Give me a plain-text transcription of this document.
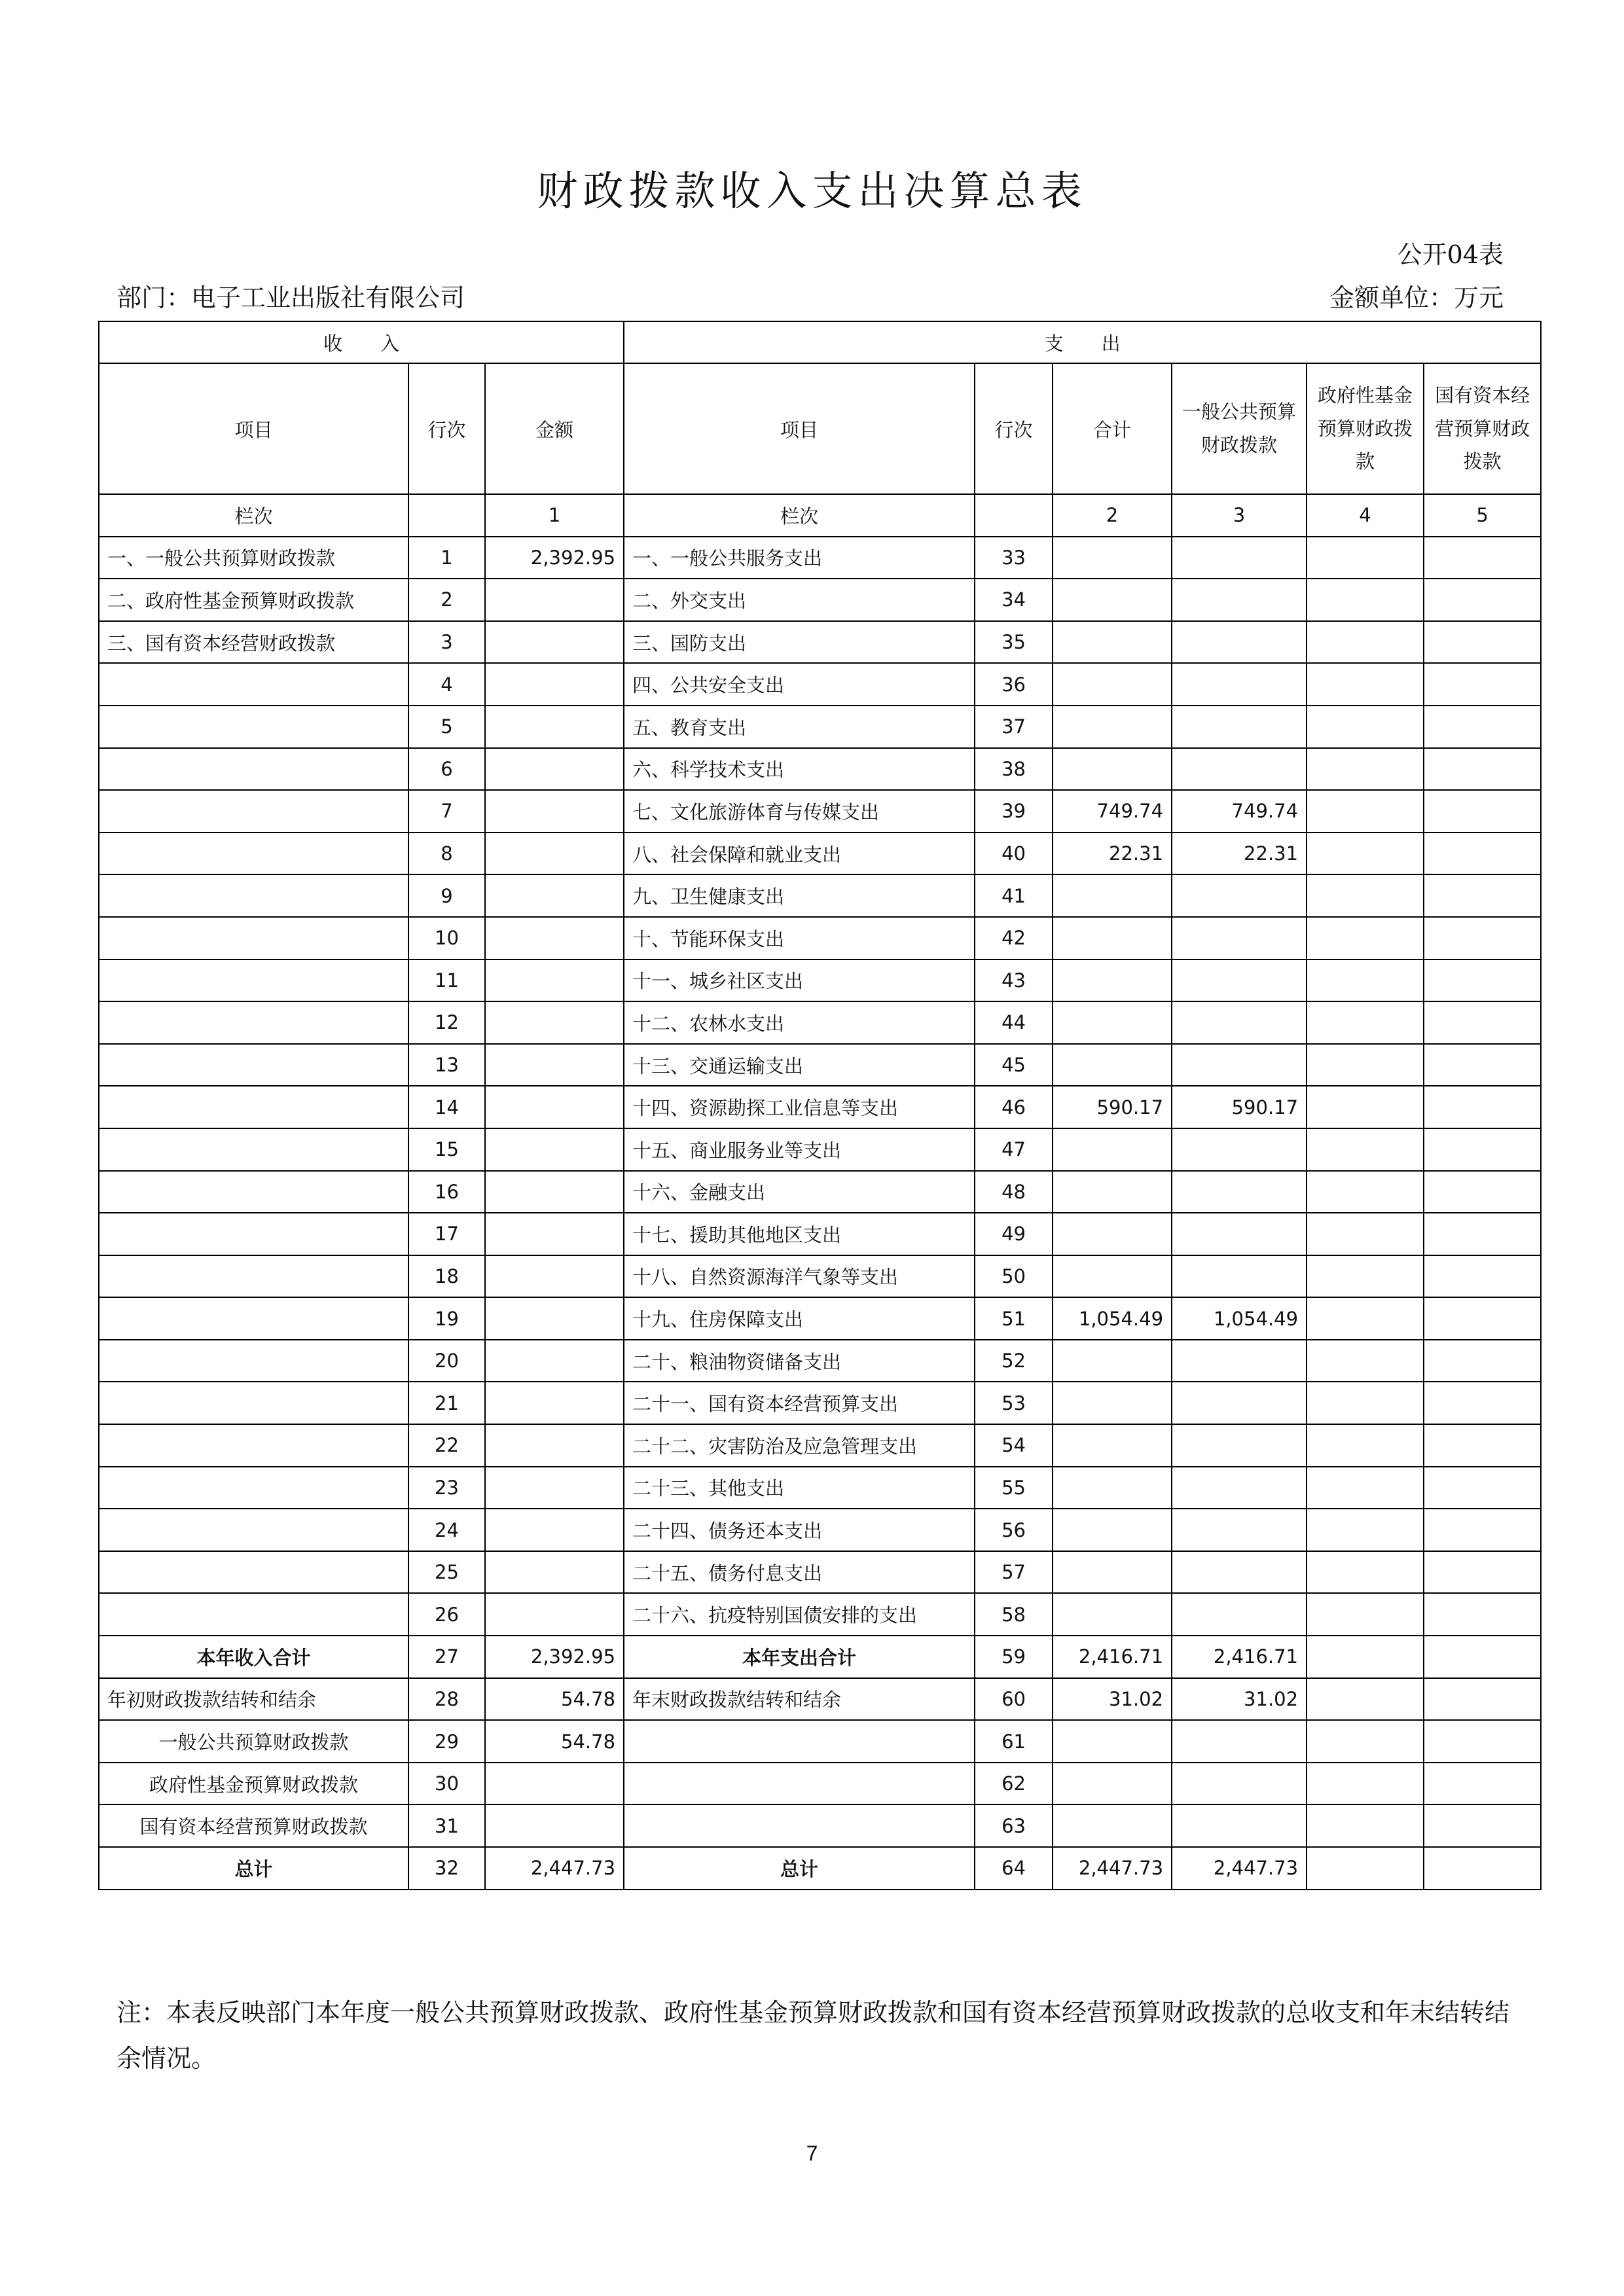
财政拨款收入支出决算总表
公开04表
部门：电子工业出版社有限公司	金额单位：万元
收　　入			支　　出					
项目	行次	金额	项目	行次	合计	一般公共预算财政拨款	政府性基金预算财政拨款	国有资本经营预算财政拨款
栏次		1	栏次		2	3	4	5
一、一般公共预算财政拨款	1	2,392.95	一、一般公共服务支出	33				
二、政府性基金预算财政拨款	2		二、外交支出	34				
三、国有资本经营财政拨款	3		三、国防支出	35				
	4		四、公共安全支出	36				
	5		五、教育支出	37				
	6		六、科学技术支出	38				
	7		七、文化旅游体育与传媒支出	39	749.74	749.74		
	8		八、社会保障和就业支出	40	22.31	22.31		
	9		九、卫生健康支出	41				
	10		十、节能环保支出	42				
	11		十一、城乡社区支出	43				
	12		十二、农林水支出	44				
	13		十三、交通运输支出	45				
	14		十四、资源勘探工业信息等支出	46	590.17	590.17		
	15		十五、商业服务业等支出	47				
	16		十六、金融支出	48				
	17		十七、援助其他地区支出	49				
	18		十八、自然资源海洋气象等支出	50				
	19		十九、住房保障支出	51	1,054.49	1,054.49		
	20		二十、粮油物资储备支出	52				
	21		二十一、国有资本经营预算支出	53				
	22		二十二、灾害防治及应急管理支出	54				
	23		二十三、其他支出	55				
	24		二十四、债务还本支出	56				
	25		二十五、债务付息支出	57				
	26		二十六、抗疫特别国债安排的支出	58				
本年收入合计	27	2,392.95	本年支出合计	59	2,416.71	2,416.71		
年初财政拨款结转和结余	28	54.78	年末财政拨款结转和结余	60	31.02	31.02		
一般公共预算财政拨款	29	54.78		61				
政府性基金预算财政拨款	30			62				
国有资本经营预算财政拨款	31			63				
总计	32	2,447.73	总计	64	2,447.73	2,447.73		
注：本表反映部门本年度一般公共预算财政拨款、政府性基金预算财政拨款和国有资本经营预算财政拨款的总收支和年末结转结余情况。
7
